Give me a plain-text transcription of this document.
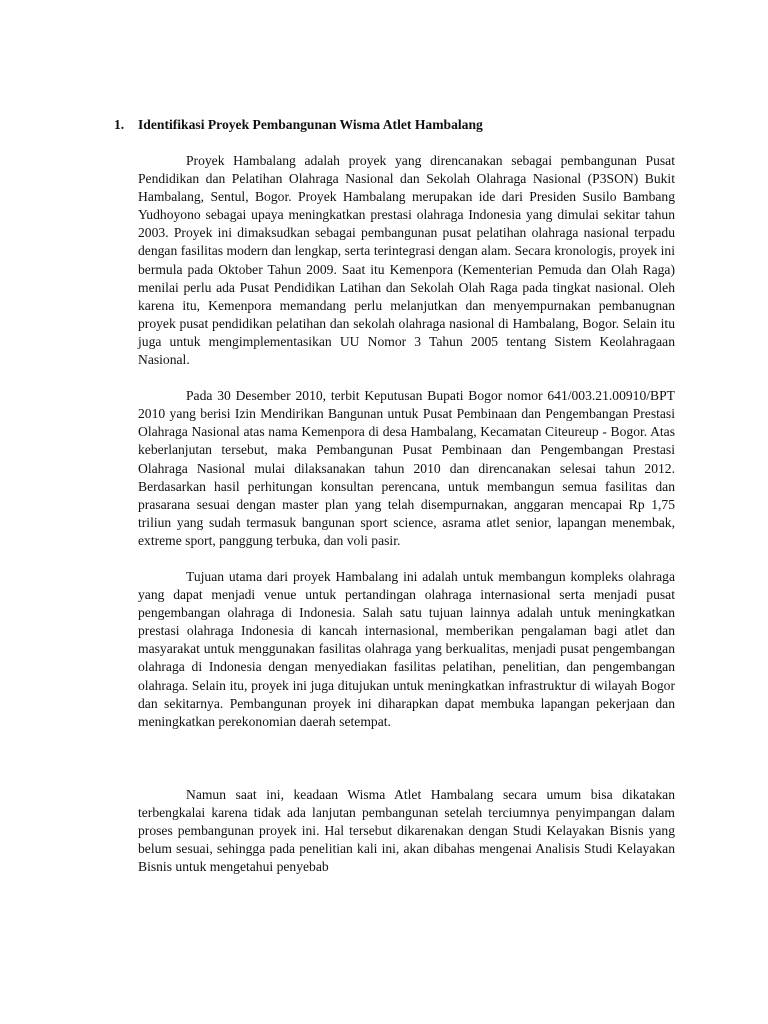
1. Identifikasi Proyek Pembangunan Wisma Atlet Hambalang

Proyek Hambalang adalah proyek yang direncanakan sebagai pembangunan Pusat Pendidikan dan Pelatihan Olahraga Nasional dan Sekolah Olahraga Nasional (P3SON) Bukit Hambalang, Sentul, Bogor. Proyek Hambalang merupakan ide dari Presiden Susilo Bambang Yudhoyono sebagai upaya meningkatkan prestasi olahraga Indonesia yang dimulai sekitar tahun 2003. Proyek ini dimaksudkan sebagai pembangunan pusat pelatihan olahraga nasional terpadu dengan fasilitas modern dan lengkap, serta terintegrasi dengan alam. Secara kronologis, proyek ini bermula pada Oktober Tahun 2009. Saat itu Kemenpora (Kementerian Pemuda dan Olah Raga) menilai perlu ada Pusat Pendidikan Latihan dan Sekolah Olah Raga pada tingkat nasional. Oleh karena itu, Kemenpora memandang perlu melanjutkan dan menyempurnakan pembanugnan proyek pusat pendidikan pelatihan dan sekolah olahraga nasional di Hambalang, Bogor. Selain itu juga untuk mengimplementasikan UU Nomor 3 Tahun 2005 tentang Sistem Keolahragaan Nasional.

Pada 30 Desember 2010, terbit Keputusan Bupati Bogor nomor 641/003.21.00910/BPT 2010 yang berisi Izin Mendirikan Bangunan untuk Pusat Pembinaan dan Pengembangan Prestasi Olahraga Nasional atas nama Kemenpora di desa Hambalang, Kecamatan Citeureup - Bogor. Atas keberlanjutan tersebut, maka Pembangunan Pusat Pembinaan dan Pengembangan Prestasi Olahraga Nasional mulai dilaksanakan tahun 2010 dan direncanakan selesai tahun 2012. Berdasarkan hasil perhitungan konsultan perencana, untuk membangun semua fasilitas dan prasarana sesuai dengan master plan yang telah disempurnakan, anggaran mencapai Rp 1,75 triliun yang sudah termasuk bangunan sport science, asrama atlet senior, lapangan menembak, extreme sport, panggung terbuka, dan voli pasir.

Tujuan utama dari proyek Hambalang ini adalah untuk membangun kompleks olahraga yang dapat menjadi venue untuk pertandingan olahraga internasional serta menjadi pusat pengembangan olahraga di Indonesia. Salah satu tujuan lainnya adalah untuk meningkatkan prestasi olahraga Indonesia di kancah internasional, memberikan pengalaman bagi atlet dan masyarakat untuk menggunakan fasilitas olahraga yang berkualitas, menjadi pusat pengembangan olahraga di Indonesia dengan menyediakan fasilitas pelatihan, penelitian, dan pengembangan olahraga. Selain itu, proyek ini juga ditujukan untuk meningkatkan infrastruktur di wilayah Bogor dan sekitarnya. Pembangunan proyek ini diharapkan dapat membuka lapangan pekerjaan dan meningkatkan perekonomian daerah setempat.

Namun saat ini, keadaan Wisma Atlet Hambalang secara umum bisa dikatakan terbengkalai karena tidak ada lanjutan pembangunan setelah terciumnya penyimpangan dalam proses pembangunan proyek ini. Hal tersebut dikarenakan dengan Studi Kelayakan Bisnis yang belum sesuai, sehingga pada penelitian kali ini, akan dibahas mengenai Analisis Studi Kelayakan Bisnis untuk mengetahui penyebab
